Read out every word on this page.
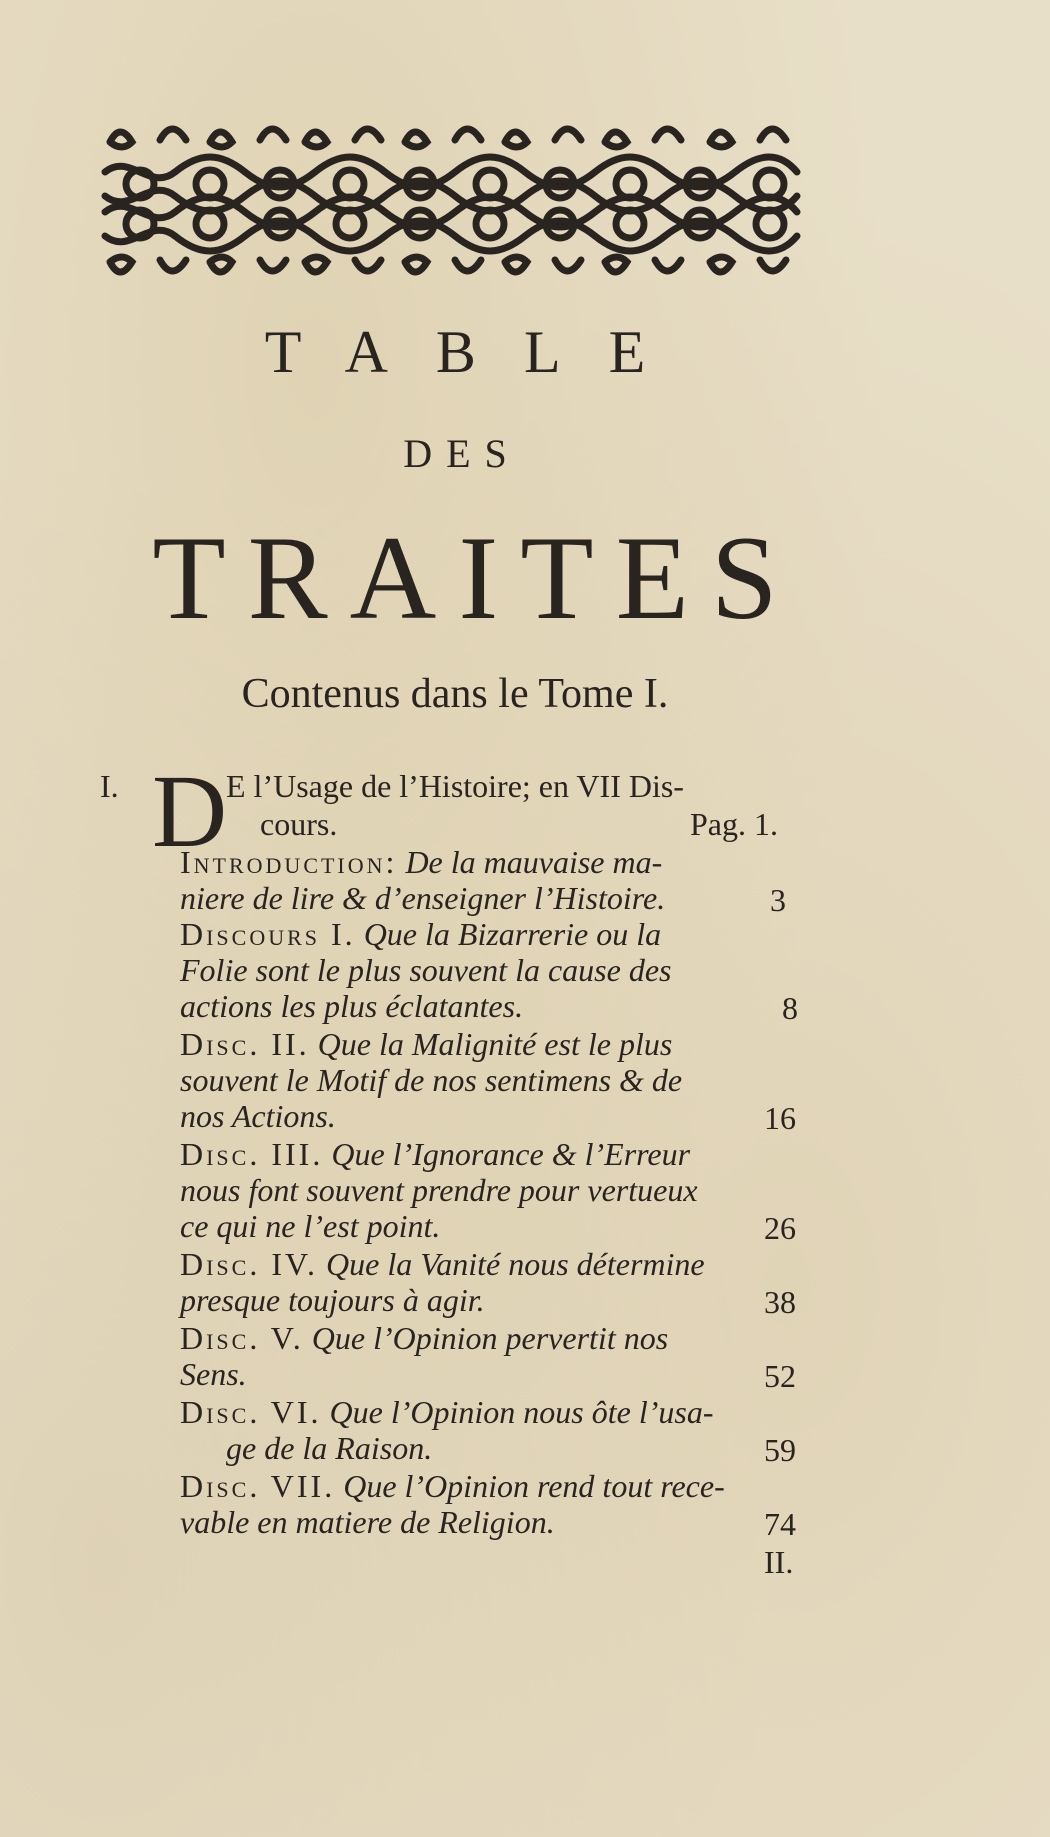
TABLE
DES
TRAITES
Contenus dans le Tome I.
I. D
E l’Usage de l’Histoire; en VII Dis-
cours.	Pag. 1.
Introduction: De la mauvaise ma-
niere de lire & d’enseigner l’Histoire.	3
Discours I. Que la Bizarrerie ou la
Folie sont le plus souvent la cause des
actions les plus éclatantes.	8
Disc. II. Que la Malignité est le plus
souvent le Motif de nos sentimens & de
nos Actions.	16
Disc. III. Que l’Ignorance & l’Erreur
nous font souvent prendre pour vertueux
ce qui ne l’est point.	26
Disc. IV. Que la Vanité nous détermine
presque toujours à agir.	38
Disc. V. Que l’Opinion pervertit nos
Sens.	52
Disc. VI. Que l’Opinion nous ôte l’usa-
ge de la Raison.	59
Disc. VII. Que l’Opinion rend tout rece-
vable en matiere de Religion.	74
II.
